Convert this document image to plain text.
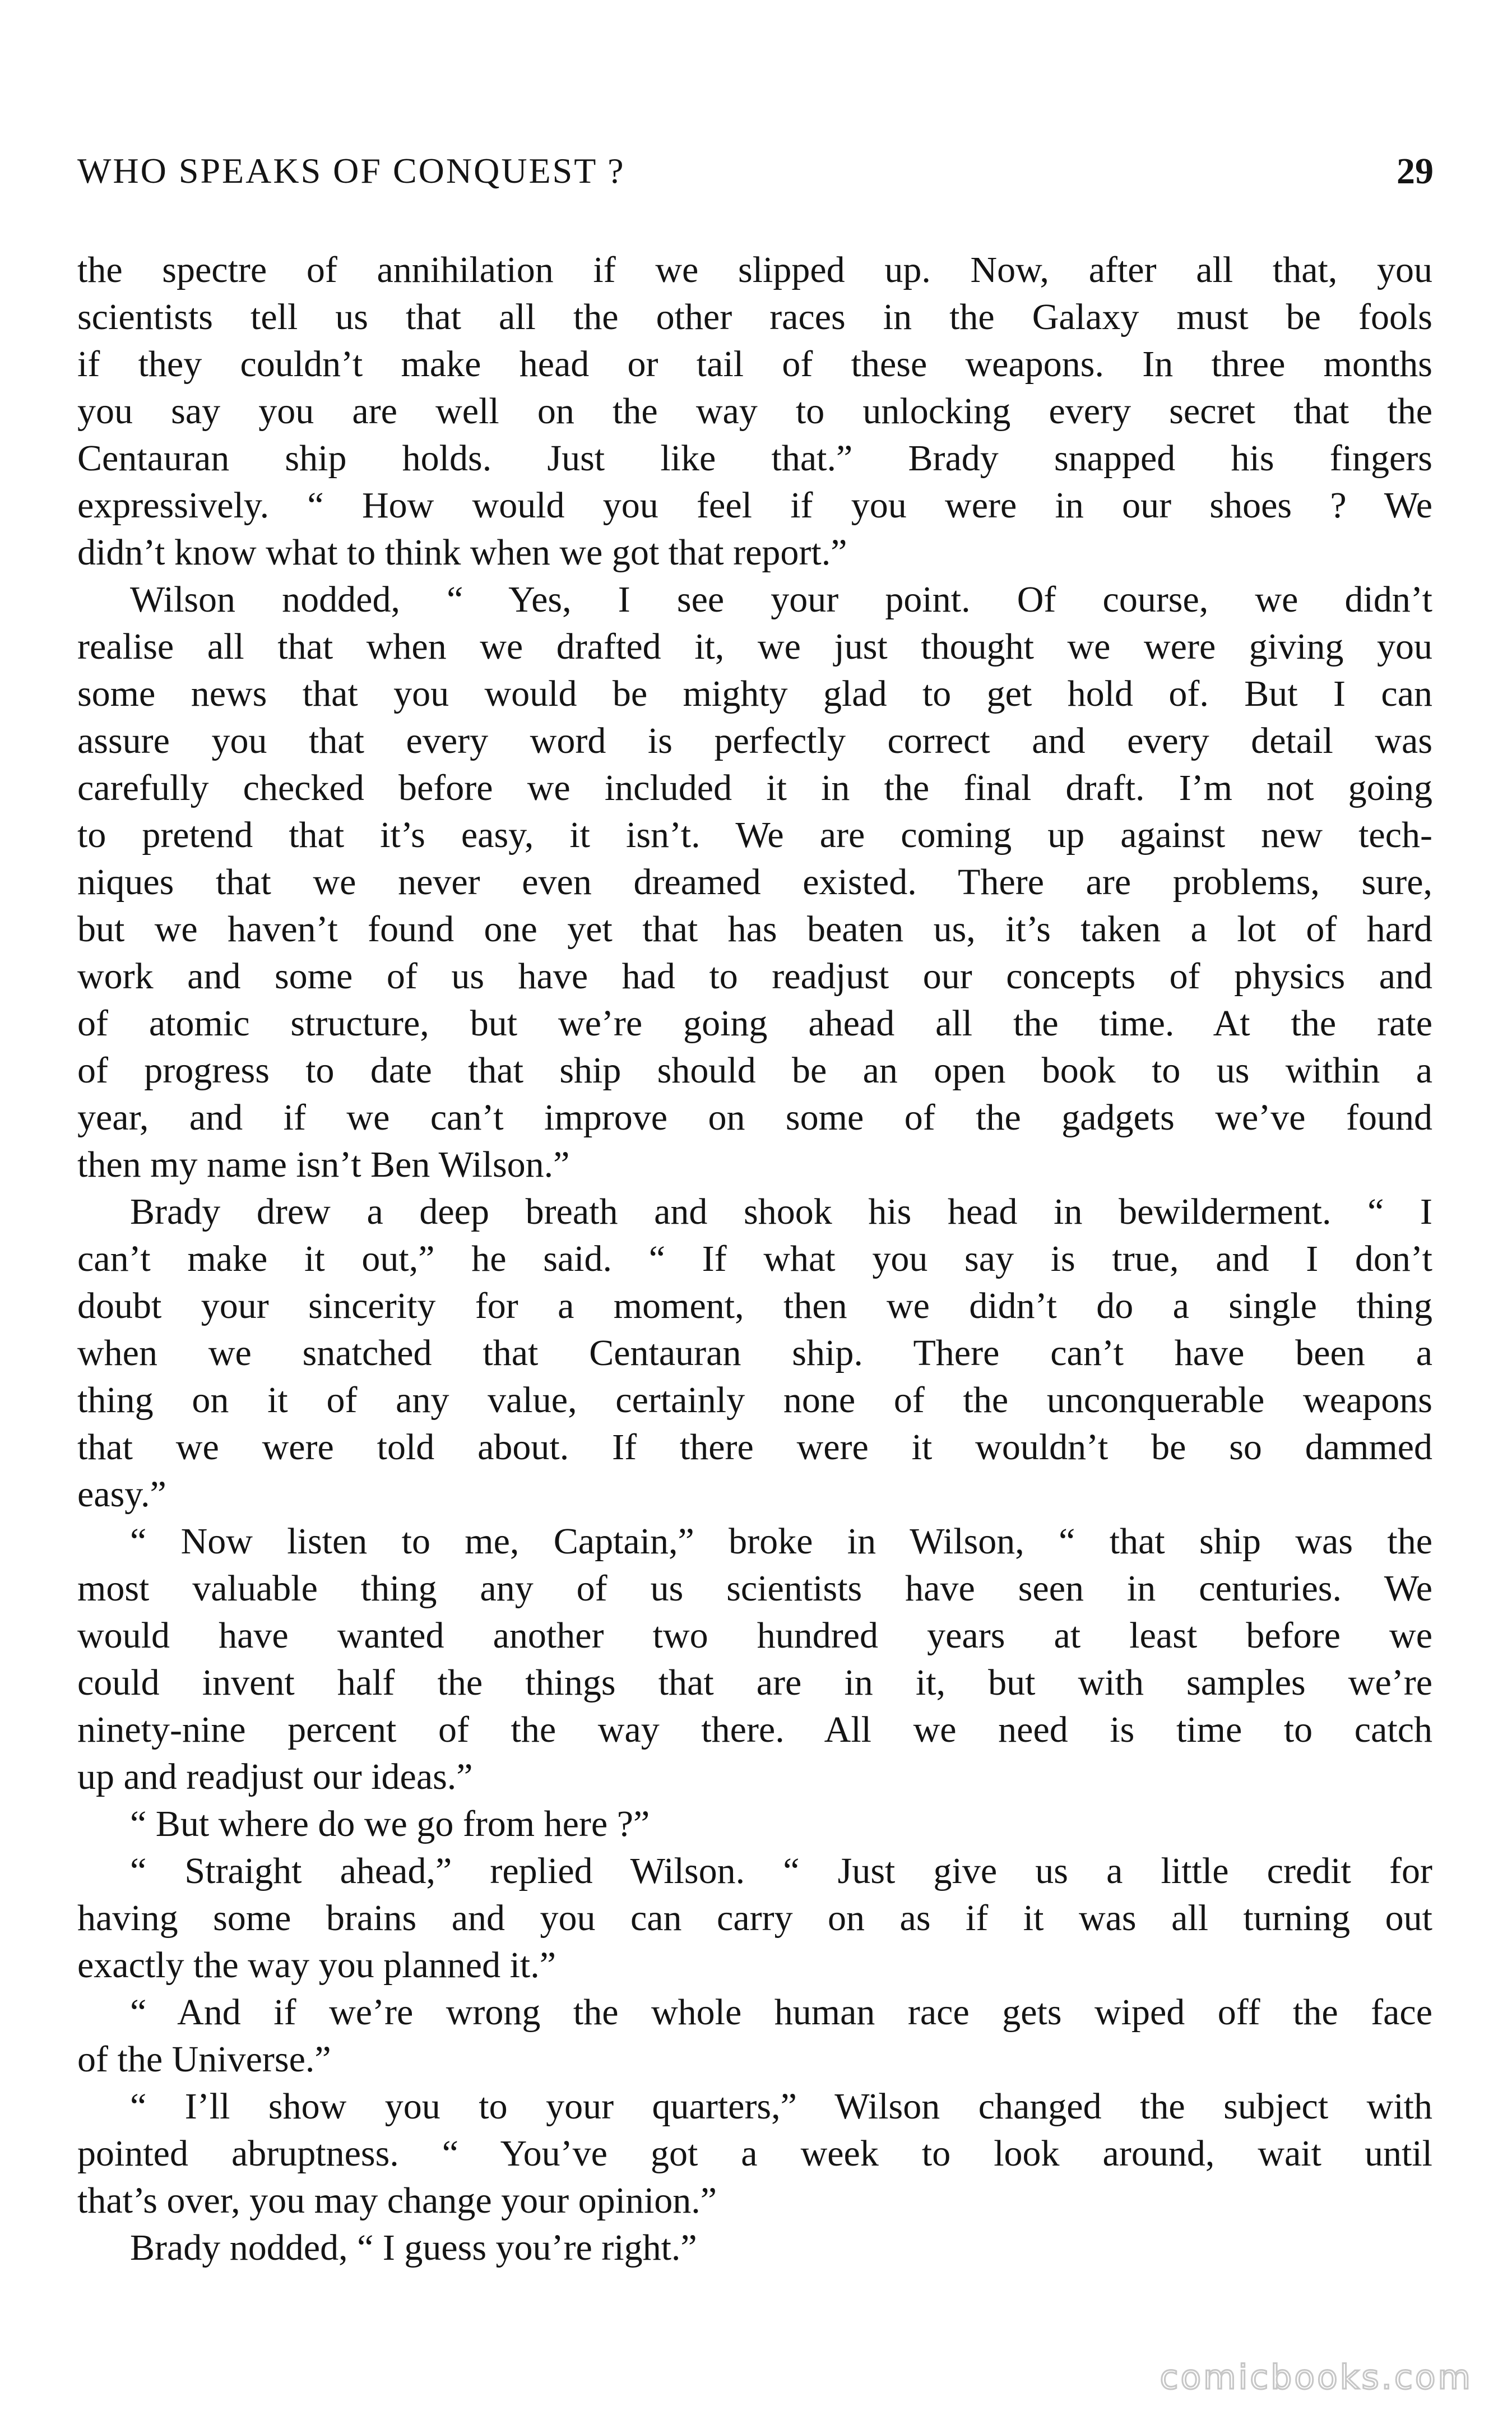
WHO SPEAKS OF CONQUEST ?	29
the spectre of annihilation if we slipped up. Now, after all that, you
scientists tell us that all the other races in the Galaxy must be fools
if they couldn’t make head or tail of these weapons. In three months
you say you are well on the way to unlocking every secret that the
Centauran ship holds. Just like that.” Brady snapped his fingers
expressively. “ How would you feel if you were in our shoes ? We
didn’t know what to think when we got that report.”
Wilson nodded, “ Yes, I see your point. Of course, we didn’t
realise all that when we drafted it, we just thought we were giving you
some news that you would be mighty glad to get hold of. But I can
assure you that every word is perfectly correct and every detail was
carefully checked before we included it in the final draft. I’m not going
to pretend that it’s easy, it isn’t. We are coming up against new tech-
niques that we never even dreamed existed. There are problems, sure,
but we haven’t found one yet that has beaten us, it’s taken a lot of hard
work and some of us have had to readjust our concepts of physics and
of atomic structure, but we’re going ahead all the time. At the rate
of progress to date that ship should be an open book to us within a
year, and if we can’t improve on some of the gadgets we’ve found
then my name isn’t Ben Wilson.”
Brady drew a deep breath and shook his head in bewilderment. “ I
can’t make it out,” he said. “ If what you say is true, and I don’t
doubt your sincerity for a moment, then we didn’t do a single thing
when we snatched that Centauran ship. There can’t have been a
thing on it of any value, certainly none of the unconquerable weapons
that we were told about. If there were it wouldn’t be so dammed
easy.”
“ Now listen to me, Captain,” broke in Wilson, “ that ship was the
most valuable thing any of us scientists have seen in centuries. We
would have wanted another two hundred years at least before we
could invent half the things that are in it, but with samples we’re
ninety-nine percent of the way there. All we need is time to catch
up and readjust our ideas.”
“ But where do we go from here ?”
“ Straight ahead,” replied Wilson. “ Just give us a little credit for
having some brains and you can carry on as if it was all turning out
exactly the way you planned it.”
“ And if we’re wrong the whole human race gets wiped off the face
of the Universe.”
“ I’ll show you to your quarters,” Wilson changed the subject with
pointed abruptness. “ You’ve got a week to look around, wait until
that’s over, you may change your opinion.”
Brady nodded, “ I guess you’re right.”
comicbooks.com
